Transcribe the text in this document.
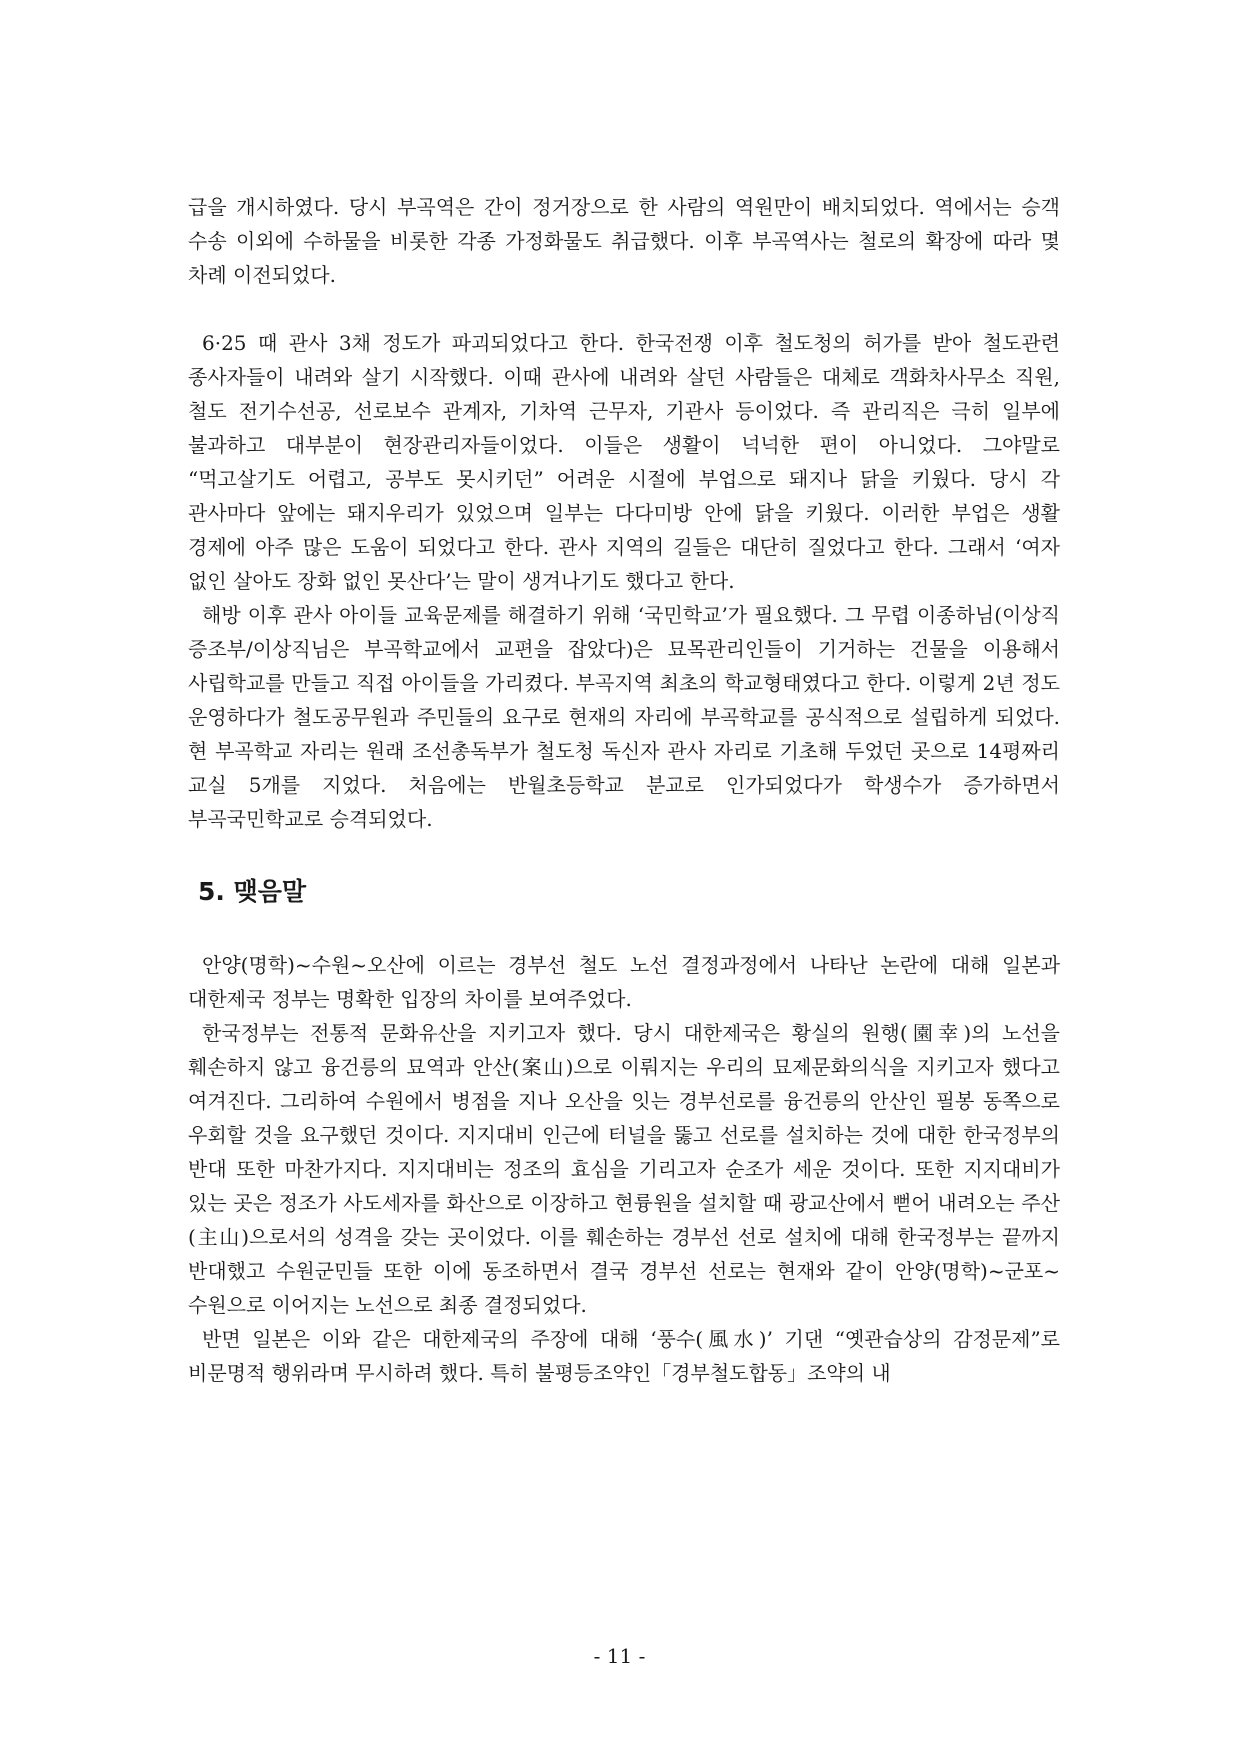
급을 개시하였다. 당시 부곡역은 간이 정거장으로 한 사람의 역원만이 배치되었다. 역에서는 승객 수송 이외에 수하물을 비롯한 각종 가정화물도 취급했다. 이후 부곡역사는 철로의 확장에 따라 몇 차례 이전되었다.

6·25 때 관사 3채 정도가 파괴되었다고 한다. 한국전쟁 이후 철도청의 허가를 받아 철도관련 종사자들이 내려와 살기 시작했다. 이때 관사에 내려와 살던 사람들은 대체로 객화차사무소 직원, 철도 전기수선공, 선로보수 관계자, 기차역 근무자, 기관사 등이었다. 즉 관리직은 극히 일부에 불과하고 대부분이 현장관리자들이었다. 이들은 생활이 넉넉한 편이 아니었다. 그야말로 “먹고살기도 어렵고, 공부도 못시키던” 어려운 시절에 부업으로 돼지나 닭을 키웠다. 당시 각 관사마다 앞에는 돼지우리가 있었으며 일부는 다다미방 안에 닭을 키웠다. 이러한 부업은 생활 경제에 아주 많은 도움이 되었다고 한다. 관사 지역의 길들은 대단히 질었다고 한다. 그래서 ‘여자 없인 살아도 장화 없인 못산다’는 말이 생겨나기도 했다고 한다.

해방 이후 관사 아이들 교육문제를 해결하기 위해 ‘국민학교’가 필요했다. 그 무렵 이종하님(이상직 증조부/이상직님은 부곡학교에서 교편을 잡았다)은 묘목관리인들이 기거하는 건물을 이용해서 사립학교를 만들고 직접 아이들을 가리켰다. 부곡지역 최초의 학교형태였다고 한다. 이렇게 2년 정도 운영하다가 철도공무원과 주민들의 요구로 현재의 자리에 부곡학교를 공식적으로 설립하게 되었다. 현 부곡학교 자리는 원래 조선총독부가 철도청 독신자 관사 자리로 기초해 두었던 곳으로 14평짜리 교실 5개를 지었다. 처음에는 반월초등학교 분교로 인가되었다가 학생수가 증가하면서 부곡국민학교로 승격되었다.

5. 맺음말

안양(명학)~수원~오산에 이르는 경부선 철도 노선 결정과정에서 나타난 논란에 대해 일본과 대한제국 정부는 명확한 입장의 차이를 보여주었다.

한국정부는 전통적 문화유산을 지키고자 했다. 당시 대한제국은 황실의 원행(園幸)의 노선을 훼손하지 않고 융건릉의 묘역과 안산(案山)으로 이뤄지는 우리의 묘제문화의식을 지키고자 했다고 여겨진다. 그리하여 수원에서 병점을 지나 오산을 잇는 경부선로를 융건릉의 안산인 필봉 동쪽으로 우회할 것을 요구했던 것이다. 지지대비 인근에 터널을 뚫고 선로를 설치하는 것에 대한 한국정부의 반대 또한 마찬가지다. 지지대비는 정조의 효심을 기리고자 순조가 세운 것이다. 또한 지지대비가 있는 곳은 정조가 사도세자를 화산으로 이장하고 현륭원을 설치할 때 광교산에서 뻗어 내려오는 주산(主山)으로서의 성격을 갖는 곳이었다. 이를 훼손하는 경부선 선로 설치에 대해 한국정부는 끝까지 반대했고 수원군민들 또한 이에 동조하면서 결국 경부선 선로는 현재와 같이 안양(명학)~군포~수원으로 이어지는 노선으로 최종 결정되었다.

반면 일본은 이와 같은 대한제국의 주장에 대해 ‘풍수(風水)’ 기댄 “옛관습상의 감정문제”로 비문명적 행위라며 무시하려 했다. 특히 불평등조약인「경부철도합동」조약의 내

- 11 -
